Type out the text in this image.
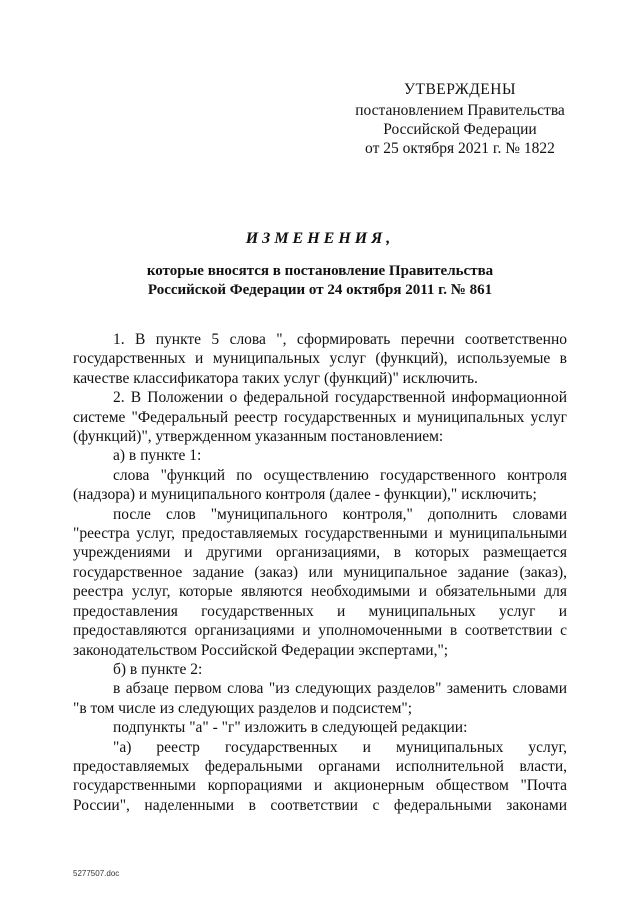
УТВЕРЖДЕНЫ
постановлением Правительства
Российской Федерации
от 25 октября 2021 г. № 1822
ИЗМЕНЕНИЯ,
которые вносятся в постановление Правительства
Российской Федерации от 24 октября 2011 г. № 861

1. В пункте 5 слова ", сформировать перечни соответственно государственных и муниципальных услуг (функций), используемые в качестве классификатора таких услуг (функций)" исключить.

2. В Положении о федеральной государственной информационной системе "Федеральный реестр государственных и муниципальных услуг (функций)", утвержденном указанным постановлением:

а) в пункте 1:

слова "функций по осуществлению государственного контроля (надзора) и муниципального контроля (далее - функции)," исключить;

после слов "муниципального контроля," дополнить словами "реестра услуг, предоставляемых государственными и муниципальными учреждениями и другими организациями, в которых размещается государственное задание (заказ) или муниципальное задание (заказ), реестра услуг, которые являются необходимыми и обязательными для предоставления государственных и муниципальных услуг и предоставляются организациями и уполномоченными в соответствии с законодательством Российской Федерации экспертами,";

б) в пункте 2:

в абзаце первом слова "из следующих разделов" заменить словами "в том числе из следующих разделов и подсистем";

подпункты "а" - "г" изложить в следующей редакции:

"а) реестр государственных и муниципальных услуг, предоставляемых федеральными органами исполнительной власти, государственными корпорациями и акционерным обществом "Почта России", наделенными в соответствии с федеральными законами

5277507.doc
